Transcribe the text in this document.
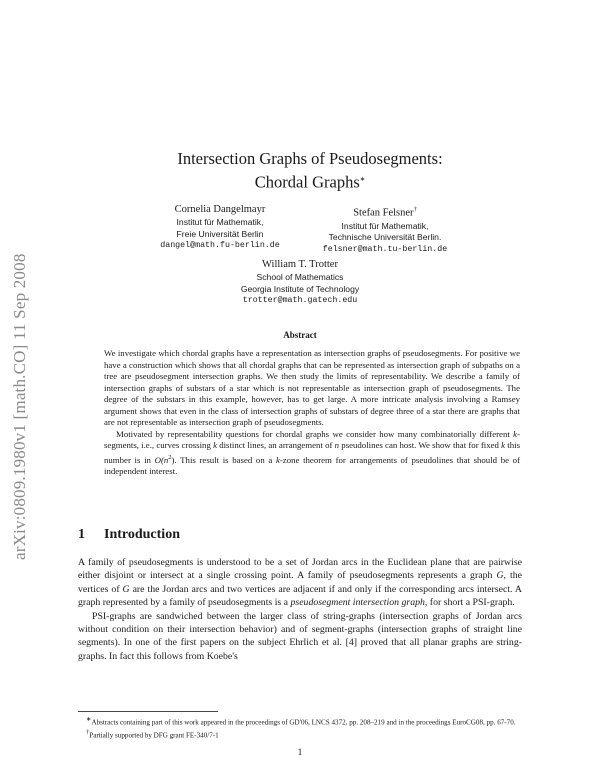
arXiv:0809.1980v1 [math.CO] 11 Sep 2008
Intersection Graphs of Pseudosegments:
Chordal Graphs∗
Cornelia Dangelmayr
Institut für Mathematik,
Freie Universität Berlin
dangel@math.fu-berlin.de
Stefan Felsner†
Institut für Mathematik,
Technische Universität Berlin.
felsner@math.tu-berlin.de
William T. Trotter
School of Mathematics
Georgia Institute of Technology
trotter@math.gatech.edu
Abstract

We investigate which chordal graphs have a representation as intersection graphs of pseudosegments. For positive we have a construction which shows that all chordal graphs that can be represented as intersection graph of subpaths on a tree are pseudosegment intersection graphs. We then study the limits of representability. We describe a family of intersection graphs of substars of a star which is not representable as intersection graph of pseudosegments. The degree of the substars in this example, however, has to get large. A more intricate analysis involving a Ramsey argument shows that even in the class of intersection graphs of substars of degree three of a star there are graphs that are not representable as intersection graph of pseudosegments.

Motivated by representability questions for chordal graphs we consider how many combinatorially different k-segments, i.e., curves crossing k distinct lines, an arrangement of n pseudolines can host. We show that for fixed k this number is in $O(n^2)$. This result is based on a k-zone theorem for arrangements of pseudolines that should be of independent interest.

1 Introduction

A family of pseudosegments is understood to be a set of Jordan arcs in the Euclidean plane that are pairwise either disjoint or intersect at a single crossing point. A family of pseudosegments represents a graph G, the vertices of G are the Jordan arcs and two vertices are adjacent if and only if the corresponding arcs intersect. A graph represented by a family of pseudosegments is a pseudosegment intersection graph, for short a PSI-graph.

PSI-graphs are sandwiched between the larger class of string-graphs (intersection graphs of Jordan arcs without condition on their intersection behavior) and of segment-graphs (intersection graphs of straight line segments). In one of the first papers on the subject Ehrlich et al. [4] proved that all planar graphs are string-graphs. In fact this follows from Koebe's

∗Abstracts containing part of this work appeared in the proceedings of GD'06, LNCS 4372, pp. 208–219 and in the proceedings EuroCG08, pp. 67-70.

†Partially supported by DFG grant FE-340/7-1

1
